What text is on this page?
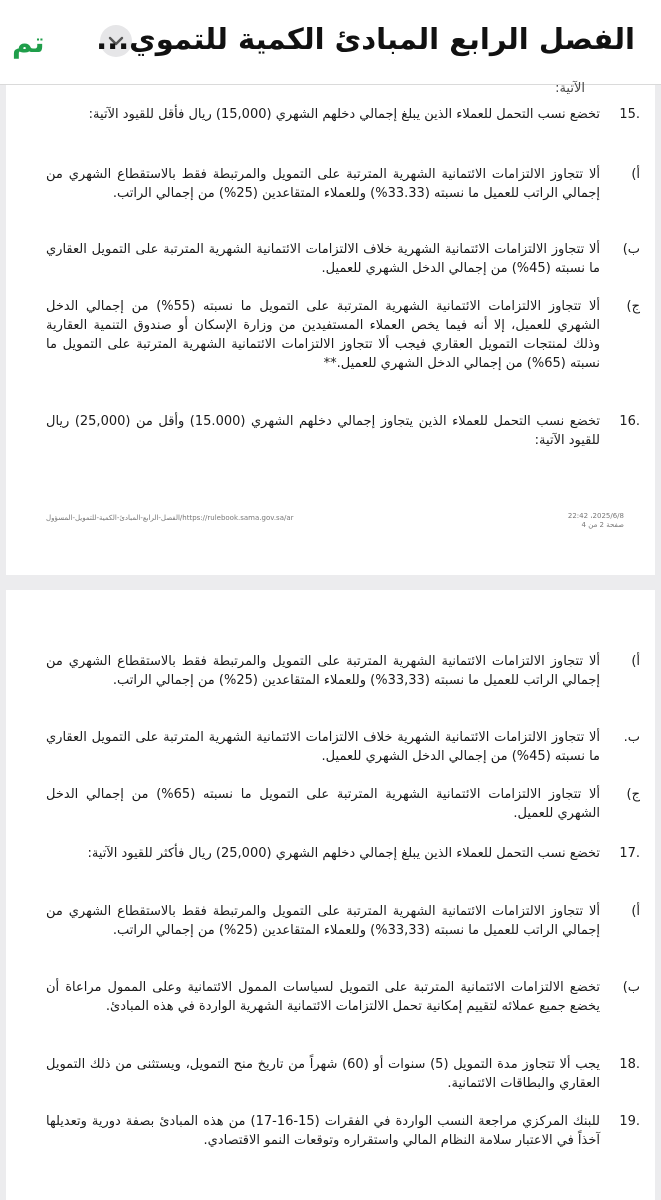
تم الفصل الرابع المبادئ الكمية للتموي...
الآتية:
.15
تخضع نسب التحمل للعملاء الذين يبلغ إجمالي دخلهم الشهري (15,000) ريال فأقل للقيود الآتية:
أ)
ألا تتجاوز الالتزامات الائتمانية الشهرية المترتبة على التمويل والمرتبطة فقط بالاستقطاع الشهري من إجمالي الراتب للعميل ما نسبته (33.33%) وللعملاء المتقاعدين (25%) من إجمالي الراتب.
ب)
ألا تتجاوز الالتزامات الائتمانية الشهرية خلاف الالتزامات الائتمانية الشهرية المترتبة على التمويل العقاري ما نسبته (45%) من إجمالي الدخل الشهري للعميل.
ج)
ألا تتجاوز الالتزامات الائتمانية الشهرية المترتبة على التمويل ما نسبته (55%) من إجمالي الدخل الشهري للعميل، إلا أنه فيما يخص العملاء المستفيدين من وزارة الإسكان أو صندوق التنمية العقارية وذلك لمنتجات التمويل العقاري فيجب ألا تتجاوز الالتزامات الائتمانية الشهرية المترتبة على التمويل ما نسبته (65%) من إجمالي الدخل الشهري للعميل.**
.16
تخضع نسب التحمل للعملاء الذين يتجاوز إجمالي دخلهم الشهري (15.000) وأقل من (25,000) ريال للقيود الآتية:
https://rulebook.sama.gov.sa/ar/الفصل-الرابع-المبادئ-الكمية-للتمويل-المسؤول	2025/6/8، 22:42
صفحة 2 من 4
أ)
ألا تتجاوز الالتزامات الائتمانية الشهرية المترتبة على التمويل والمرتبطة فقط بالاستقطاع الشهري من إجمالي الراتب للعميل ما نسبته (33,33%) وللعملاء المتقاعدين (25%) من إجمالي الراتب.
ب.
ألا تتجاوز الالتزامات الائتمانية الشهرية خلاف الالتزامات الائتمانية الشهرية المترتبة على التمويل العقاري ما نسبته (45%) من إجمالي الدخل الشهري للعميل.
ج)
ألا تتجاوز الالتزامات الائتمانية الشهرية المترتبة على التمويل ما نسبته (65%) من إجمالي الدخل الشهري للعميل.
.17
تخضع نسب التحمل للعملاء الذين يبلغ إجمالي دخلهم الشهري (25,000) ريال فأكثر للقيود الآتية:
أ)
ألا تتجاوز الالتزامات الائتمانية الشهرية المترتبة على التمويل والمرتبطة فقط بالاستقطاع الشهري من إجمالي الراتب للعميل ما نسبته (33,33%) وللعملاء المتقاعدين (25%) من إجمالي الراتب.
ب)
تخضع الالتزامات الائتمانية المترتبة على التمويل لسياسات الممول الائتمانية وعلى الممول مراعاة أن يخضع جميع عملائه لتقييم إمكانية تحمل الالتزامات الائتمانية الشهرية الواردة في هذه المبادئ.
.18
يجب ألا تتجاوز مدة التمويل (5) سنوات أو (60) شهراً من تاريخ منح التمويل، ويستثنى من ذلك التمويل العقاري والبطاقات الائتمانية.
.19
للبنك المركزي مراجعة النسب الواردة في الفقرات (15-16-17) من هذه المبادئ بصفة دورية وتعديلها آخذاً في الاعتبار سلامة النظام المالي واستقراره وتوقعات النمو الاقتصادي.
